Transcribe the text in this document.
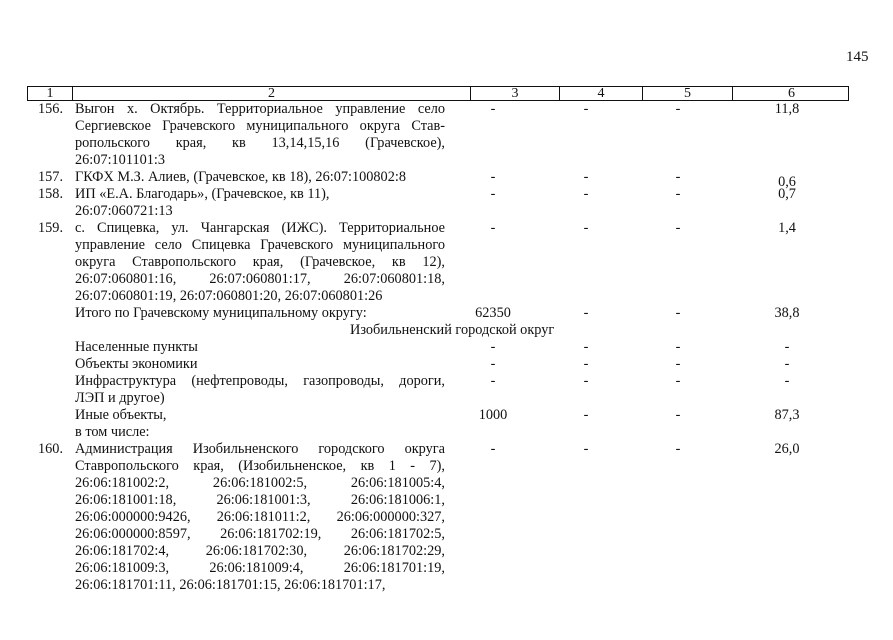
145
1	2	3	4	5	6
156. Выгон х. Октябрь. Территориальное управление село
Сергиевское Грачевского муниципального округа Став-
ропольского края, кв 13,14,15,16 (Грачевское),
26:07:101101:3
-	-	-	11,8
157. ГКФХ М.З. Алиев, (Грачевское, кв 18), 26:07:100802:8	-	-	-	0,6
158. ИП «Е.А. Благодарь», (Грачевское, кв 11),
26:07:060721:13
-	-	-	0,7
159. с. Спицевка, ул. Чангарская (ИЖС). Территориальное
управление село Спицевка Грачевского муниципального
округа Ставропольского края, (Грачевское, кв 12),
26:07:060801:16, 26:07:060801:17, 26:07:060801:18,
26:07:060801:19, 26:07:060801:20, 26:07:060801:26
-	-	-	1,4
Итого по Грачевскому муниципальному округу:	62350	-	-	38,8
Населенные пункты	-	-	-	-
Объекты экономики	-	-	-	-
Инфраструктура (нефтепроводы, газопроводы, дороги,
ЛЭП и другое)
-	-	-	-
Иные объекты,
в том числе:
1000	-	-	87,3
160. Администрация Изобильненского городского округа
Ставропольского края, (Изобильненское, кв 1 - 7),
26:06:181002:2, 26:06:181002:5, 26:06:181005:4,
26:06:181001:18, 26:06:181001:3, 26:06:181006:1,
26:06:000000:9426, 26:06:181011:2, 26:06:000000:327,
26:06:000000:8597, 26:06:181702:19, 26:06:181702:5,
26:06:181702:4, 26:06:181702:30, 26:06:181702:29,
26:06:181009:3, 26:06:181009:4, 26:06:181701:19,
26:06:181701:11, 26:06:181701:15, 26:06:181701:17,
-	-	-	26,0
Изобильненский городской округ
